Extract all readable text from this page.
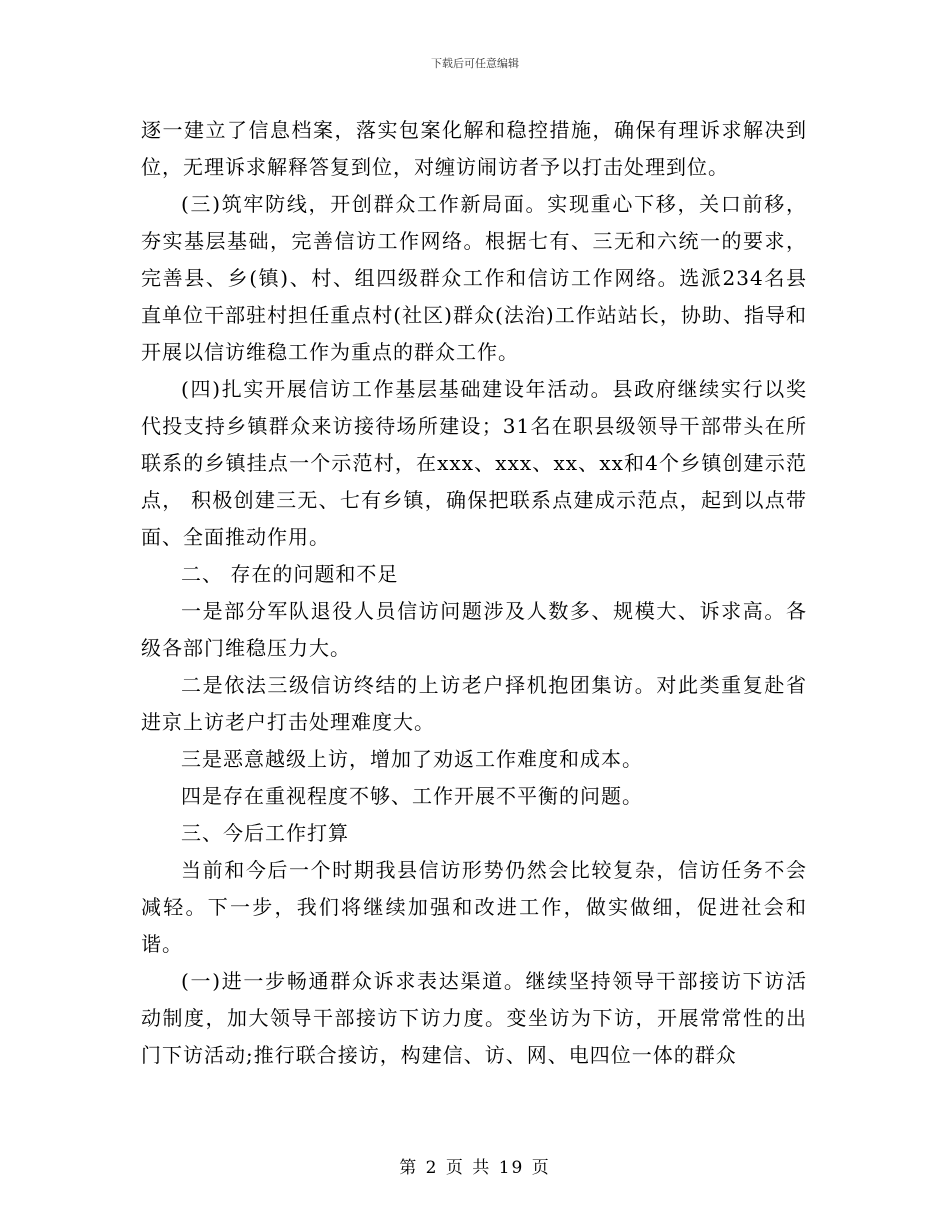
下载后可任意编辑

逐一建立了信息档案，落实包案化解和稳控措施，确保有理诉求解决到位，无理诉求解释答复到位，对缠访闹访者予以打击处理到位。

(三)筑牢防线，开创群众工作新局面。实现重心下移，关口前移，夯实基层基础，完善信访工作网络。根据七有、三无和六统一的要求，完善县、乡(镇)、村、组四级群众工作和信访工作网络。选派234名县直单位干部驻村担任重点村(社区)群众(法治)工作站站长，协助、指导和开展以信访维稳工作为重点的群众工作。

(四)扎实开展信访工作基层基础建设年活动。县政府继续实行以奖代投支持乡镇群众来访接待场所建设；31名在职县级领导干部带头在所联系的乡镇挂点一个示范村，在xxx、xxx、xx、xx和4个乡镇创建示范点， 积极创建三无、七有乡镇，确保把联系点建成示范点，起到以点带面、全面推动作用。

二、 存在的问题和不足

一是部分军队退役人员信访问题涉及人数多、规模大、诉求高。各级各部门维稳压力大。

二是依法三级信访终结的上访老户择机抱团集访。对此类重复赴省进京上访老户打击处理难度大。

三是恶意越级上访，增加了劝返工作难度和成本。

四是存在重视程度不够、工作开展不平衡的问题。

三、今后工作打算

当前和今后一个时期我县信访形势仍然会比较复杂，信访任务不会减轻。下一步，我们将继续加强和改进工作，做实做细，促进社会和谐。

(一)进一步畅通群众诉求表达渠道。继续坚持领导干部接访下访活动制度，加大领导干部接访下访力度。变坐访为下访，开展常常性的出门下访活动;推行联合接访，构建信、访、网、电四位一体的群众

第 2 页 共 19 页
